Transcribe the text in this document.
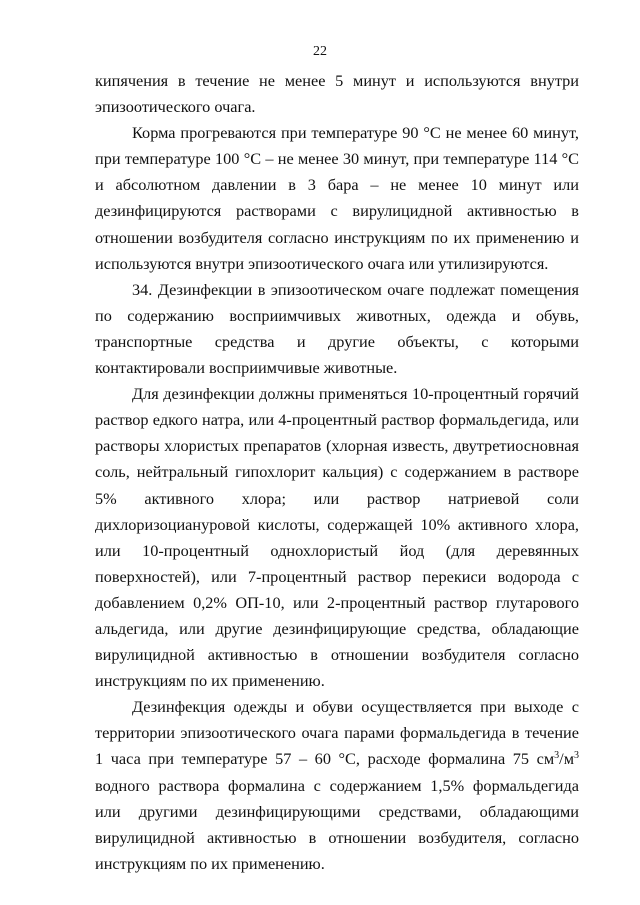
22

кипячения в течение не менее 5 минут и используются внутри эпизоотического очага.

Корма прогреваются при температуре 90 °С не менее 60 минут, при температуре 100 °С – не менее 30 минут, при температуре 114 °С и абсолютном давлении в 3 бара – не менее 10 минут или дезинфицируются растворами с вирулицидной активностью в отношении возбудителя согласно инструкциям по их применению и используются внутри эпизоотического очага или утилизируются.

34. Дезинфекции в эпизоотическом очаге подлежат помещения по содержанию восприимчивых животных, одежда и обувь, транспортные средства и другие объекты, с которыми контактировали восприимчивые животные.

Для дезинфекции должны применяться 10-процентный горячий раствор едкого натра, или 4-процентный раствор формальдегида, или растворы хлористых препаратов (хлорная известь, двутретиосновная соль, нейтральный гипохлорит кальция) с содержанием в растворе 5% активного хлора; или раствор натриевой соли дихлоризоциануровой кислоты, содержащей 10% активного хлора, или 10-процентный однохлористый йод (для деревянных поверхностей), или 7-процентный раствор перекиси водорода с добавлением 0,2% ОП-10, или 2-процентный раствор глутарового альдегида, или другие дезинфицирующие средства, обладающие вирулицидной активностью в отношении возбудителя согласно инструкциям по их применению.

Дезинфекция одежды и обуви осуществляется при выходе с территории эпизоотического очага парами формальдегида в течение 1 часа при температуре 57 – 60 °С, расходе формалина 75 $см^3/м^3$ водного раствора формалина с содержанием 1,5% формальдегида или другими дезинфицирующими средствами, обладающими вирулицидной активностью в отношении возбудителя, согласно инструкциям по их применению.
